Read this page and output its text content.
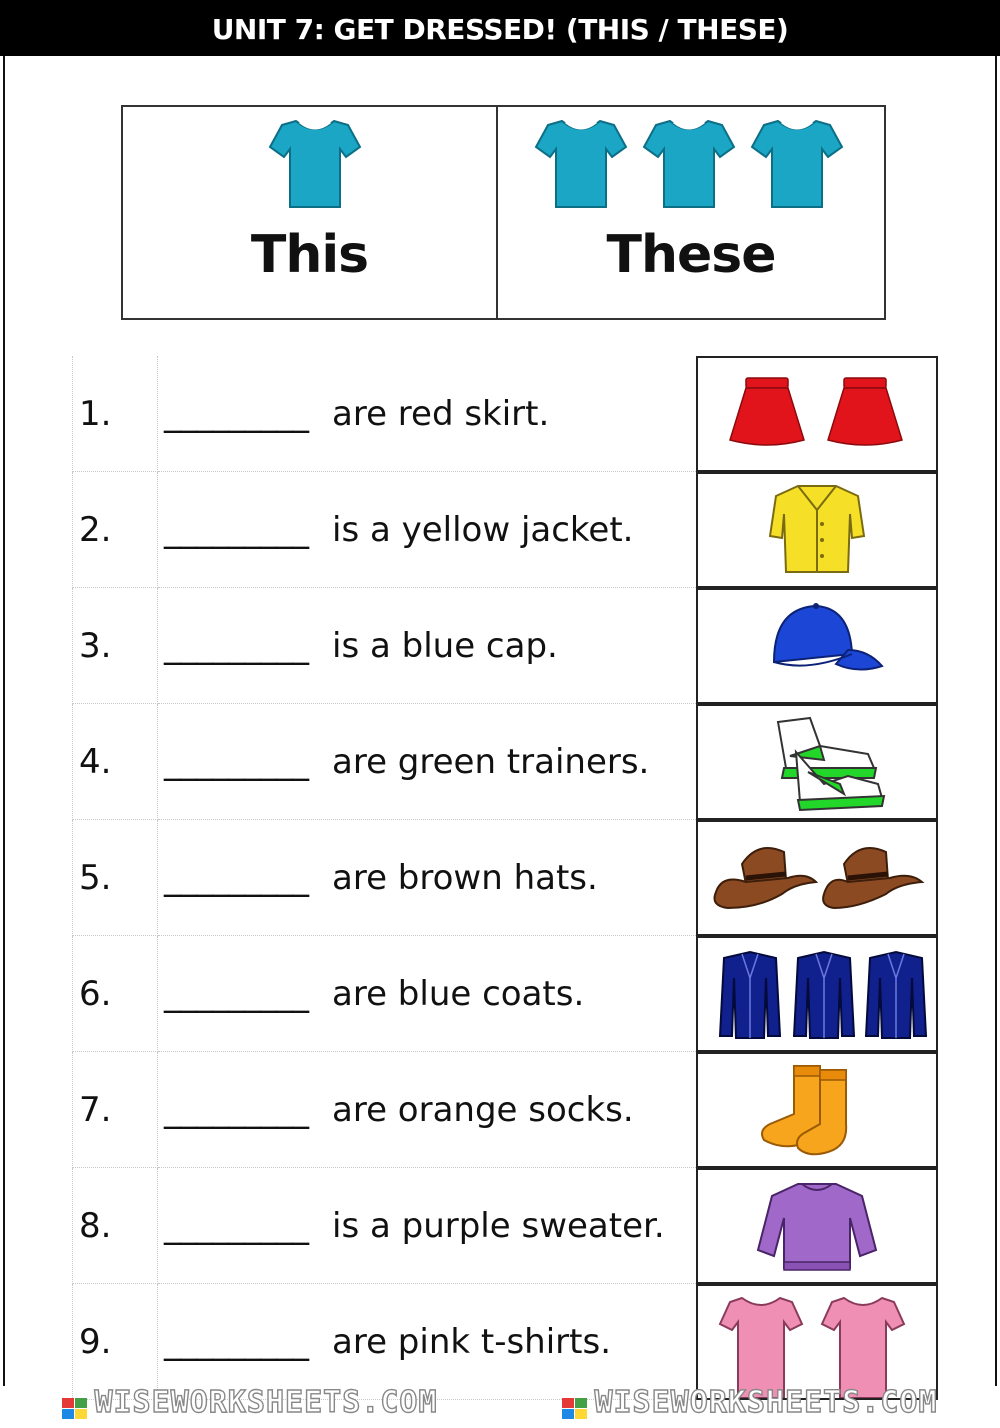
UNIT 7: GET DRESSED! (THIS / THESE)
This	These
1. _________ are red skirt.
2. _________ is a yellow jacket.
3. _________ is a blue cap.
4. _________ are green trainers.
5. _________ are brown hats.
6. _________ are blue coats.
7. _________ are orange socks.
8. _________ is a purple sweater.
9. _________ are pink t-shirts.
WISEWORKSHEETS.COM	WISEWORKSHEETS.COM
